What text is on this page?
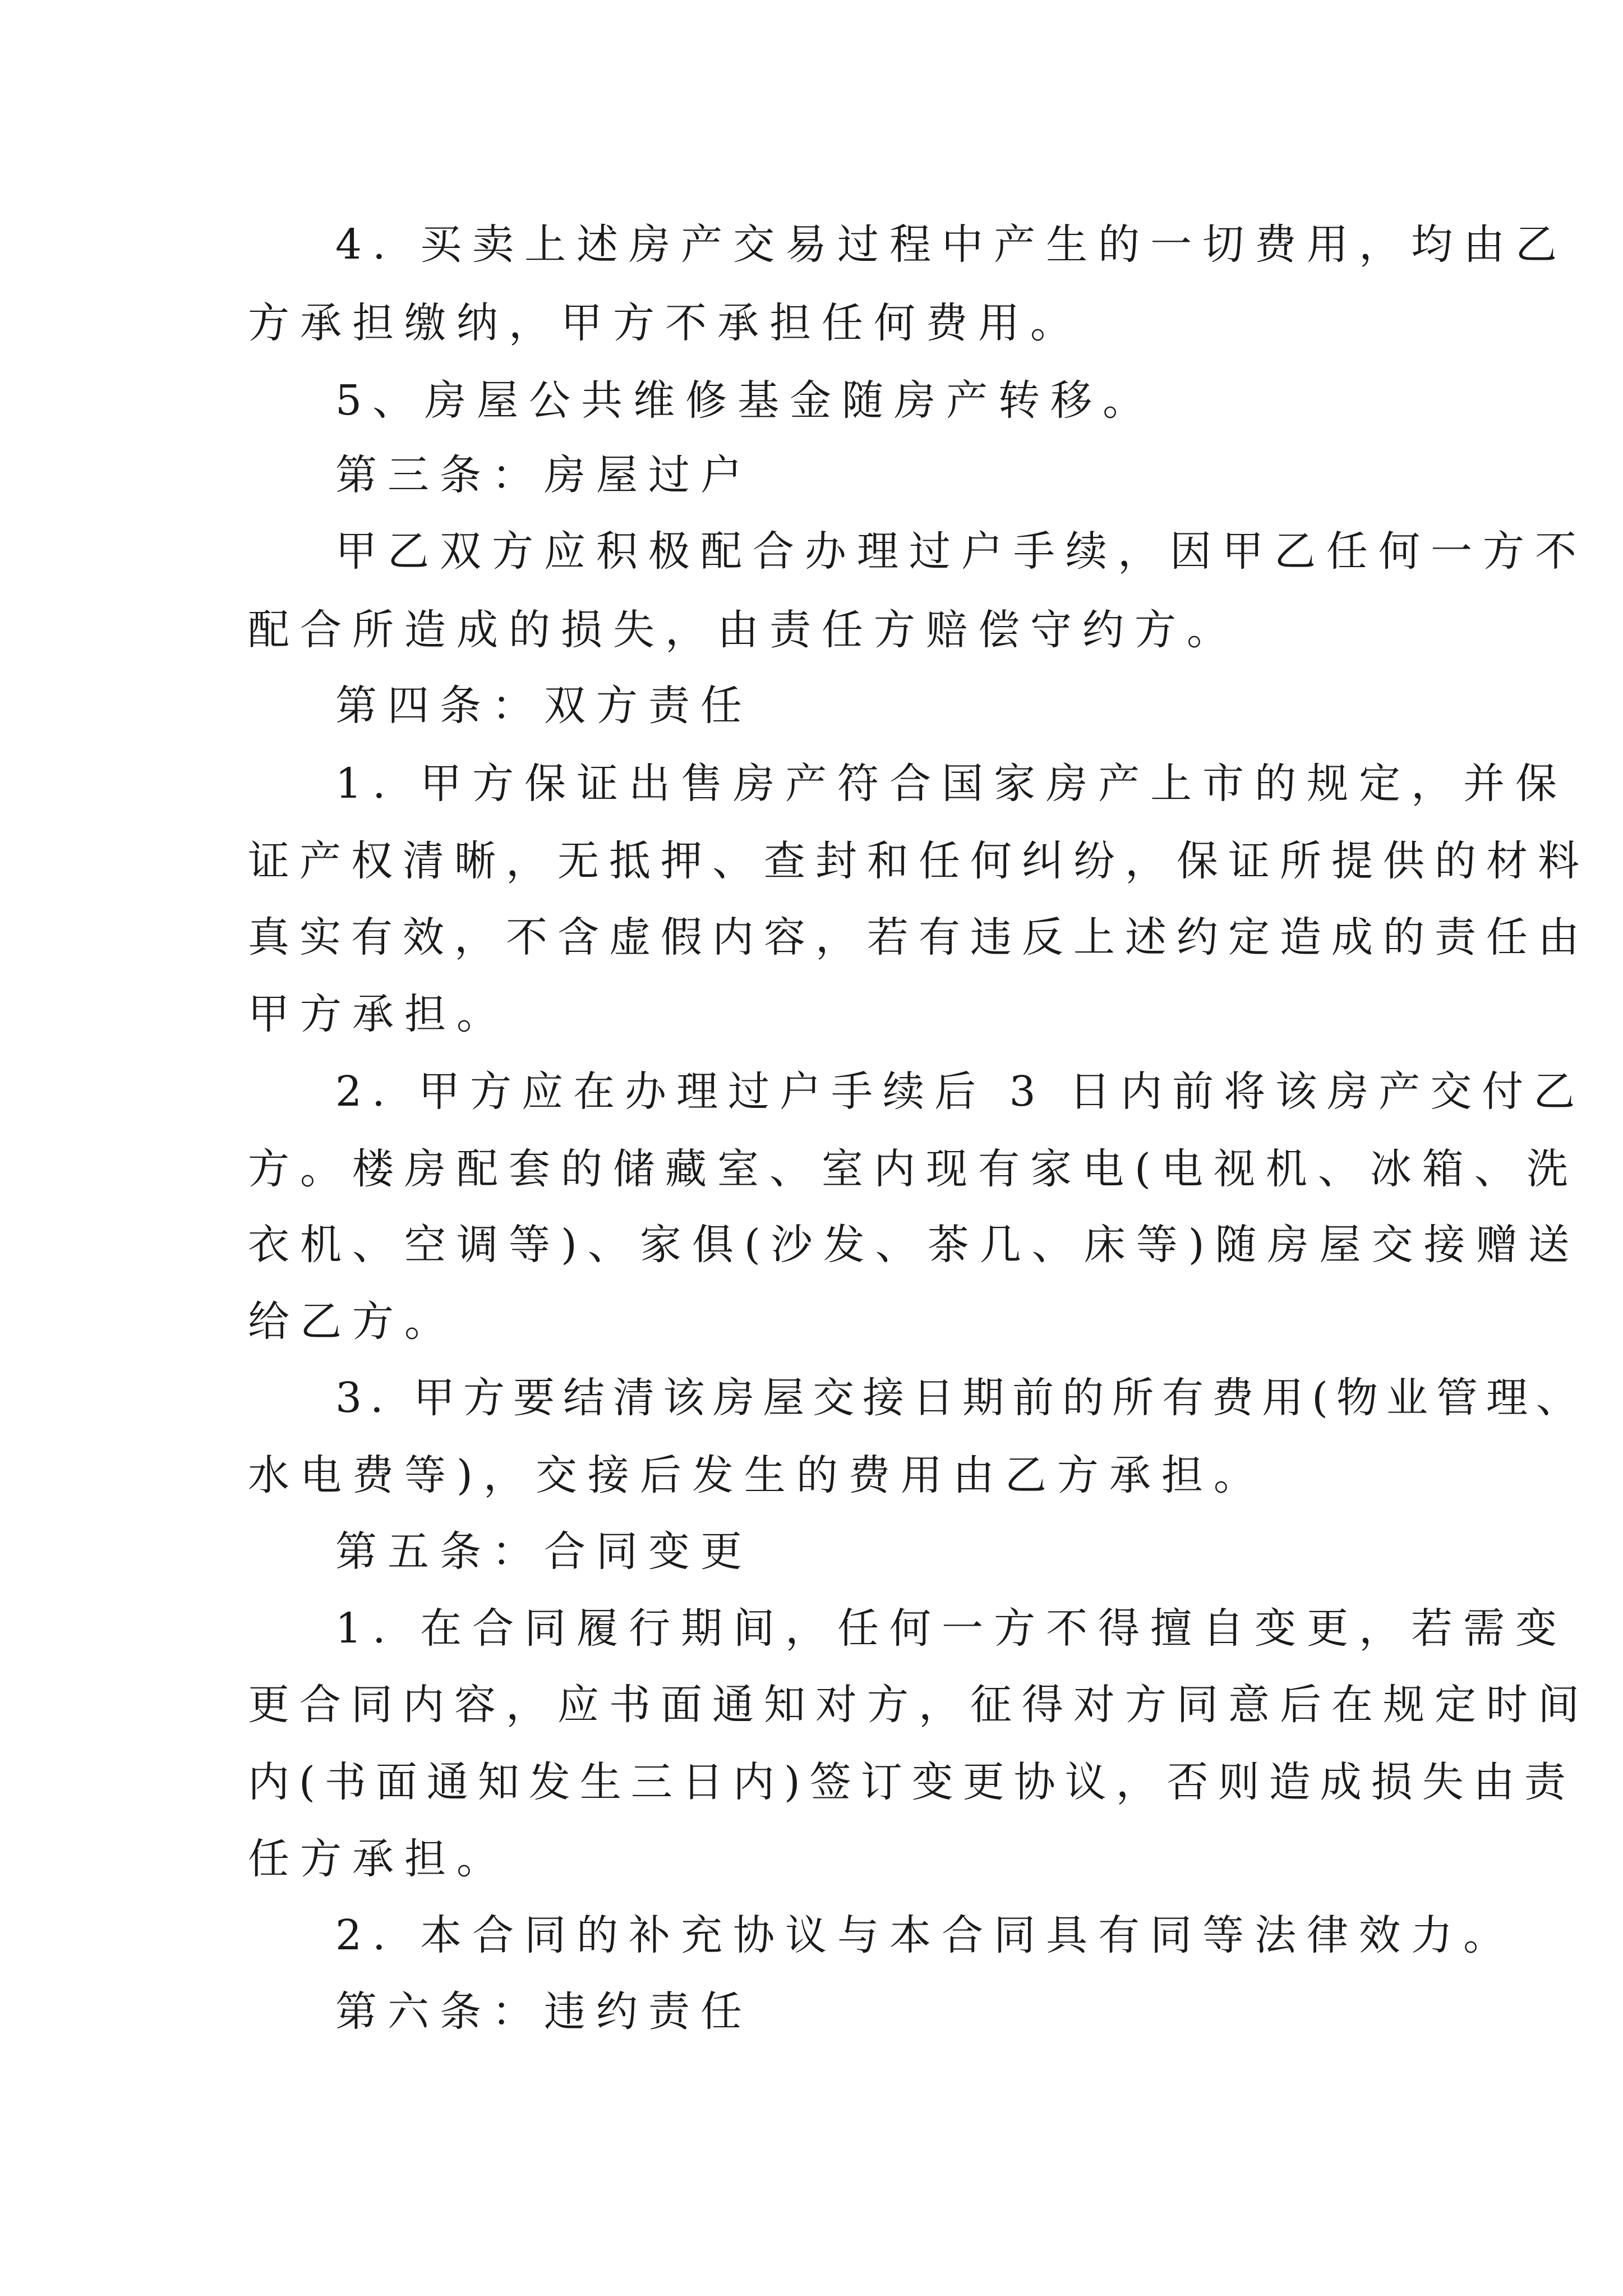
4. 买卖上述房产交易过程中产生的一切费用，均由乙
方承担缴纳，甲方不承担任何费用。
5、房屋公共维修基金随房产转移。
第三条：房屋过户
甲乙双方应积极配合办理过户手续，因甲乙任何一方不
配合所造成的损失，由责任方赔偿守约方。
第四条：双方责任
1. 甲方保证出售房产符合国家房产上市的规定，并保
证产权清晰，无抵押、查封和任何纠纷，保证所提供的材料
真实有效，不含虚假内容，若有违反上述约定造成的责任由
甲方承担。
2. 甲方应在办理过户手续后 3 日内前将该房产交付乙
方。楼房配套的储藏室、室内现有家电(电视机、冰箱、洗
衣机、空调等)、家俱(沙发、茶几、床等)随房屋交接赠送
给乙方。
3. 甲方要结清该房屋交接日期前的所有费用(物业管理、
水电费等)，交接后发生的费用由乙方承担。
第五条：合同变更
1. 在合同履行期间，任何一方不得擅自变更，若需变
更合同内容，应书面通知对方，征得对方同意后在规定时间
内(书面通知发生三日内)签订变更协议，否则造成损失由责
任方承担。
2. 本合同的补充协议与本合同具有同等法律效力。
第六条：违约责任
